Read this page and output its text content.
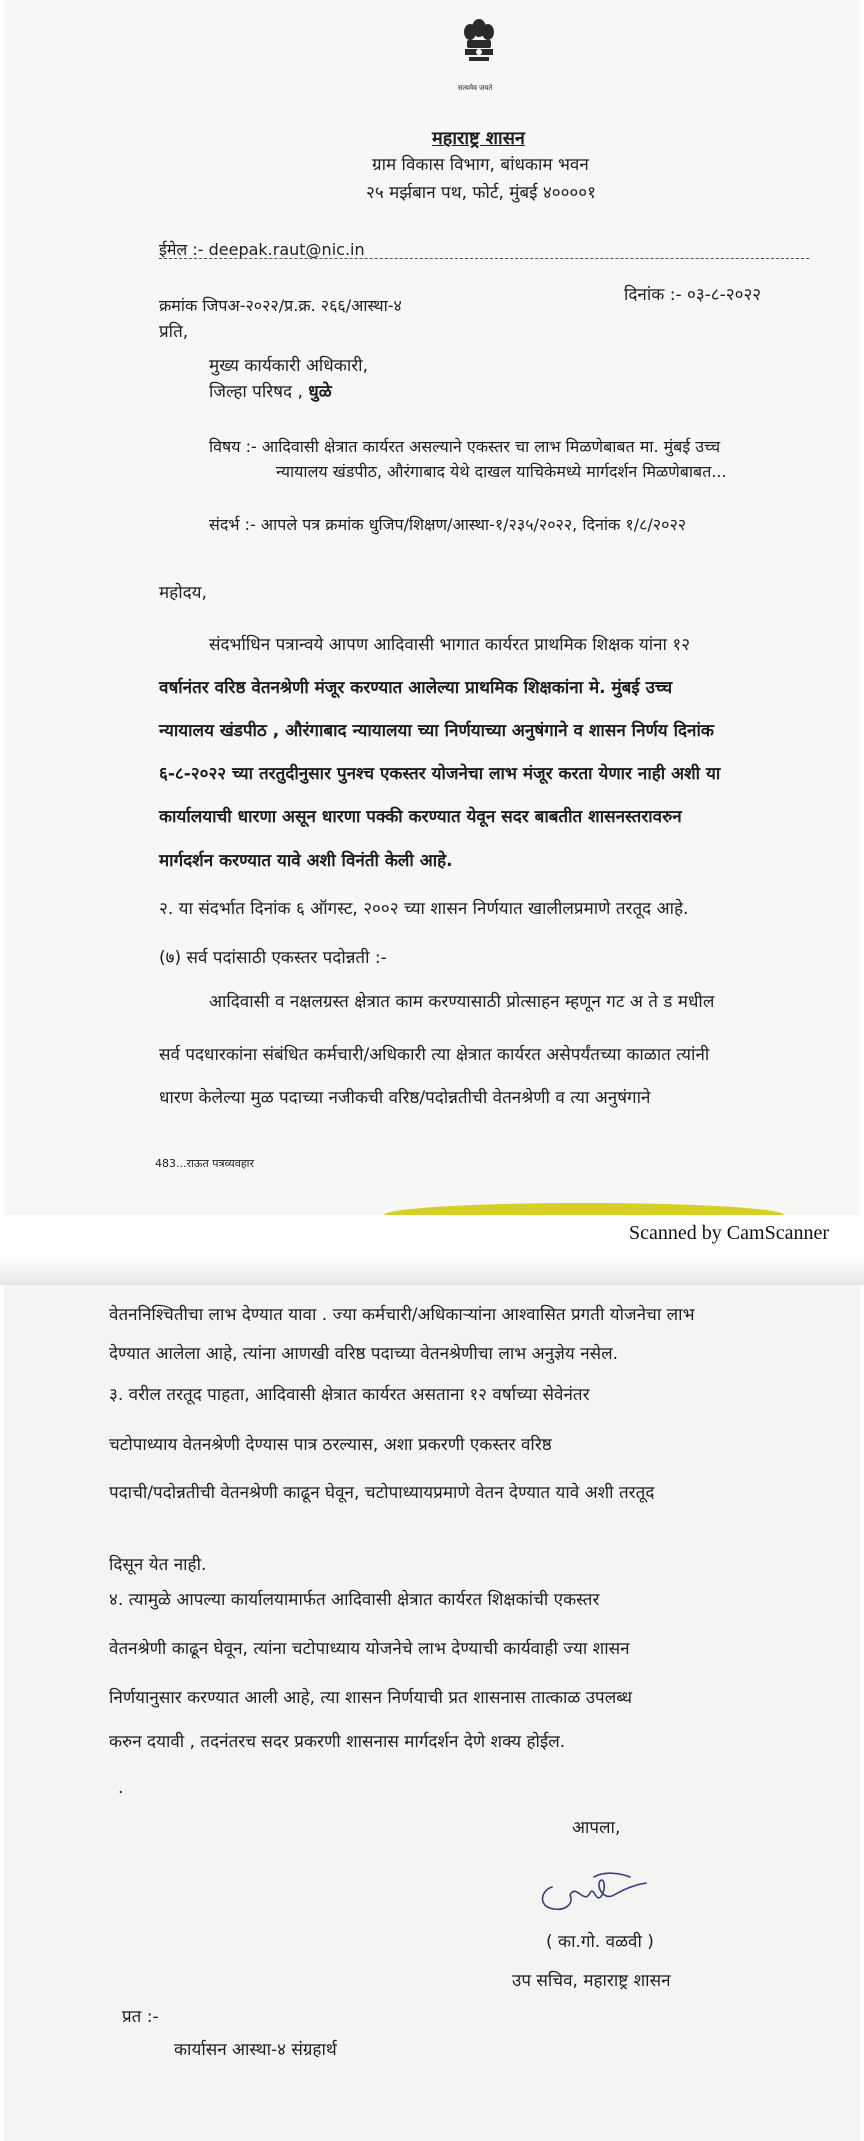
सत्यमेव जयते
महाराष्ट्र शासन
ग्राम विकास विभाग, बांधकाम भवन
२५ मर्झबान पथ, फोर्ट, मुंबई ४००००१
ईमेल :- deepak.raut@nic.in
क्रमांक जिपअ-२०२२/प्र.क्र. २६६/आस्था-४
दिनांक :- ०३-८-२०२२
प्रति,
मुख्य कार्यकारी अधिकारी,
जिल्हा परिषद , धुळे
विषय :- आदिवासी क्षेत्रात कार्यरत असल्याने एकस्तर चा लाभ मिळणेबाबत मा. मुंबई उच्च
न्यायालय खंडपीठ, औरंगाबाद येथे दाखल याचिकेमध्ये मार्गदर्शन मिळणेबाबत...
संदर्भ :- आपले पत्र क्रमांक धुजिप/शिक्षण/आस्था-१/२३५/२०२२, दिनांक १/८/२०२२
महोदय,
संदर्भाधिन पत्रान्वये आपण आदिवासी भागात कार्यरत प्राथमिक शिक्षक यांना १२
वर्षानंतर वरिष्ठ वेतनश्रेणी मंजूर करण्यात आलेल्या प्राथमिक शिक्षकांना मे. मुंबई उच्च
न्यायालय खंडपीठ , औरंगाबाद न्यायालया च्या निर्णयाच्या अनुषंगाने व शासन निर्णय दिनांक
६-८-२०२२ च्या तरतुदीनुसार पुनश्च एकस्तर योजनेचा लाभ मंजूर करता येणार नाही अशी या
कार्यालयाची धारणा असून धारणा पक्की करण्यात येवून सदर बाबतीत शासनस्तरावरुन
मार्गदर्शन करण्यात यावे अशी विनंती केली आहे.
२. या संदर्भात दिनांक ६ ऑगस्ट, २००२ च्या शासन निर्णयात खालीलप्रमाणे तरतूद आहे.
(७) सर्व पदांसाठी एकस्तर पदोन्नती :-
आदिवासी व नक्षलग्रस्त क्षेत्रात काम करण्यासाठी प्रोत्साहन म्हणून गट अ ते ड मधील
सर्व पदधारकांना संबंधित कर्मचारी/अधिकारी त्या क्षेत्रात कार्यरत असेपर्यंतच्या काळात त्यांनी
धारण केलेल्या मुळ पदाच्या नजीकची वरिष्ठ/पदोन्नतीची वेतनश्रेणी व त्या अनुषंगाने
483...राऊत पत्रव्यवहार
Scanned by CamScanner
वेतननिश्चितीचा लाभ देण्यात यावा . ज्या कर्मचारी/अधिकाऱ्यांना आश्वासित प्रगती योजनेचा लाभ
देण्यात आलेला आहे, त्यांना आणखी वरिष्ठ पदाच्या वेतनश्रेणीचा लाभ अनुज्ञेय नसेल.
३. वरील तरतूद पाहता, आदिवासी क्षेत्रात कार्यरत असताना १२ वर्षाच्या सेवेनंतर
चटोपाध्याय वेतनश्रेणी देण्यास पात्र ठरल्यास, अशा प्रकरणी एकस्तर वरिष्ठ
पदाची/पदोन्नतीची वेतनश्रेणी काढून घेवून, चटोपाध्यायप्रमाणे वेतन देण्यात यावे अशी तरतूद
दिसून येत नाही.
४. त्यामुळे आपल्या कार्यालयामार्फत आदिवासी क्षेत्रात कार्यरत शिक्षकांची एकस्तर
वेतनश्रेणी काढून घेवून, त्यांना चटोपाध्याय योजनेचे लाभ देण्याची कार्यवाही ज्या शासन
निर्णयानुसार करण्यात आली आहे, त्या शासन निर्णयाची प्रत शासनास तात्काळ उपलब्ध
करुन दयावी , तदनंतरच सदर प्रकरणी शासनास मार्गदर्शन देणे शक्य होईल.
.
आपला,
( का.गो. वळवी )
उप सचिव, महाराष्ट्र शासन
प्रत :-
कार्यासन आस्था-४ संग्रहार्थ
